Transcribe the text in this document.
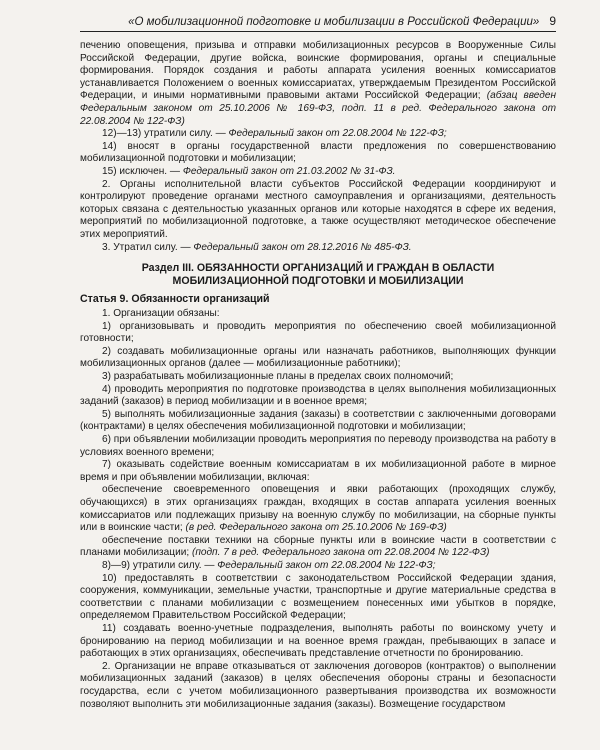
«О мобилизационной подготовке и мобилизации в Российской Федерации» 9

печению оповещения, призыва и отправки мобилизационных ресурсов в Вооруженные Силы Российской Федерации, другие войска, воинские формирования, органы и специальные формирования. Порядок создания и работы аппарата усиления военных комиссариатов устанавливается Положением о военных комиссариатах, утверждаемым Президентом Российской Федерации, и иными нормативными правовыми актами Российской Федерации; (абзац введен Федеральным законом от 25.10.2006 № 169-ФЗ, подп. 11 в ред. Федерального закона от 22.08.2004 № 122-ФЗ)

12)—13) утратили силу. — Федеральный закон от 22.08.2004 № 122-ФЗ;

14) вносят в органы государственной власти предложения по совершенствованию мобилизационной подготовки и мобилизации;

15) исключен. — Федеральный закон от 21.03.2002 № 31-ФЗ.

2. Органы исполнительной власти субъектов Российской Федерации координируют и контролируют проведение органами местного самоуправления и организациями, деятельность которых связана с деятельностью указанных органов или которые находятся в сфере их ведения, мероприятий по мобилизационной подготовке, а также осуществляют методическое обеспечение этих мероприятий.

3. Утратил силу. — Федеральный закон от 28.12.2016 № 485-ФЗ.

Раздел III. ОБЯЗАННОСТИ ОРГАНИЗАЦИЙ И ГРАЖДАН В ОБЛАСТИ
МОБИЛИЗАЦИОННОЙ ПОДГОТОВКИ И МОБИЛИЗАЦИИ
Статья 9. Обязанности организаций

1. Организации обязаны:

1) организовывать и проводить мероприятия по обеспечению своей мобилизационной готовности;

2) создавать мобилизационные органы или назначать работников, выполняющих функции мобилизационных органов (далее — мобилизационные работники);

3) разрабатывать мобилизационные планы в пределах своих полномочий;

4) проводить мероприятия по подготовке производства в целях выполнения мобилизационных заданий (заказов) в период мобилизации и в военное время;

5) выполнять мобилизационные задания (заказы) в соответствии с заключенными договорами (контрактами) в целях обеспечения мобилизационной подготовки и мобилизации;

6) при объявлении мобилизации проводить мероприятия по переводу производства на работу в условиях военного времени;

7) оказывать содействие военным комиссариатам в их мобилизационной работе в мирное время и при объявлении мобилизации, включая:

обеспечение своевременного оповещения и явки работающих (проходящих службу, обучающихся) в этих организациях граждан, входящих в состав аппарата усиления военных комиссариатов или подлежащих призыву на военную службу по мобилизации, на сборные пункты или в воинские части; (в ред. Федерального закона от 25.10.2006 № 169-ФЗ)

обеспечение поставки техники на сборные пункты или в воинские части в соответствии с планами мобилизации; (подп. 7 в ред. Федерального закона от 22.08.2004 № 122-ФЗ)

8)—9) утратили силу. — Федеральный закон от 22.08.2004 № 122-ФЗ;

10) предоставлять в соответствии с законодательством Российской Федерации здания, сооружения, коммуникации, земельные участки, транспортные и другие материальные средства в соответствии с планами мобилизации с возмещением понесенных ими убытков в порядке, определяемом Правительством Российской Федерации;

11) создавать военно-учетные подразделения, выполнять работы по воинскому учету и бронированию на период мобилизации и на военное время граждан, пребывающих в запасе и работающих в этих организациях, обеспечивать представление отчетности по бронированию.

2. Организации не вправе отказываться от заключения договоров (контрактов) о выполнении мобилизационных заданий (заказов) в целях обеспечения обороны страны и безопасности государства, если с учетом мобилизационного развертывания производства их возможности позволяют выполнить эти мобилизационные задания (заказы). Возмещение государством
